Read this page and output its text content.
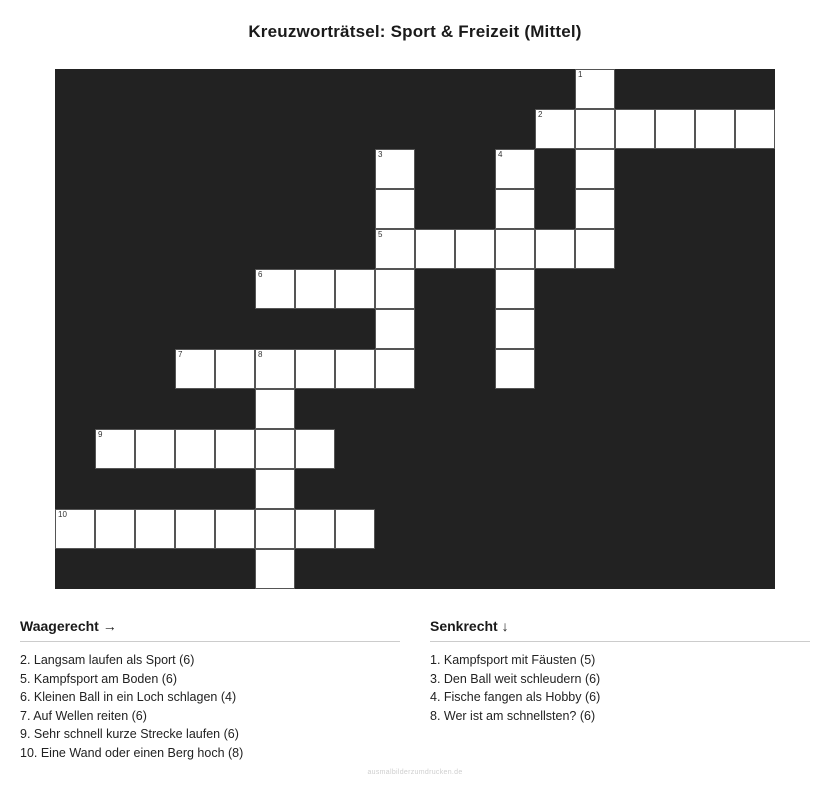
Kreuzworträtsel: Sport & Freizeit (Mittel)
1
2
3	4
5
6
7	8
9
10
Waagerecht →
2. Langsam laufen als Sport (6)
5. Kampfsport am Boden (6)
6. Kleinen Ball in ein Loch schlagen (4)
7. Auf Wellen reiten (6)
9. Sehr schnell kurze Strecke laufen (6)
10. Eine Wand oder einen Berg hoch (8)
Senkrecht ↓
1. Kampfsport mit Fäusten (5)
3. Den Ball weit schleudern (6)
4. Fische fangen als Hobby (6)
8. Wer ist am schnellsten? (6)
ausmalbilderzumdrucken.de
